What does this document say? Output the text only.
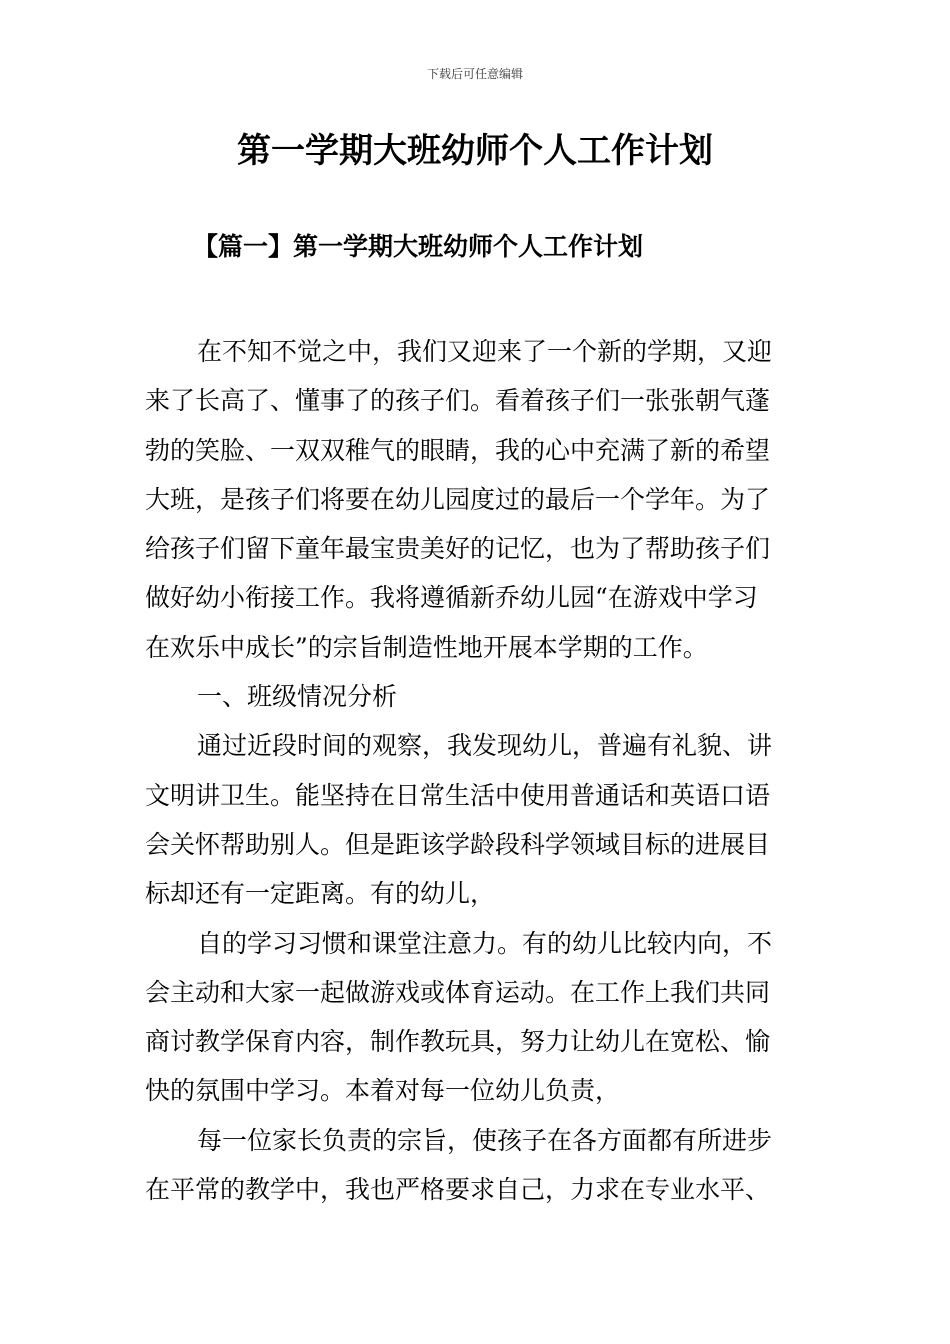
下载后可任意编辑
第一学期大班幼师个人工作计划
【篇一】第一学期大班幼师个人工作计划
在不知不觉之中，我们又迎来了一个新的学期，又迎
来了长高了、懂事了的孩子们。看着孩子们一张张朝气蓬
勃的笑脸、一双双稚气的眼睛，我的心中充满了新的希望
大班，是孩子们将要在幼儿园度过的最后一个学年。为了
给孩子们留下童年最宝贵美好的记忆，也为了帮助孩子们
做好幼小衔接工作。我将遵循新乔幼儿园“在游戏中学习
在欢乐中成长”的宗旨制造性地开展本学期的工作。
一、班级情况分析
通过近段时间的观察，我发现幼儿，普遍有礼貌、讲
文明讲卫生。能坚持在日常生活中使用普通话和英语口语
会关怀帮助别人。但是距该学龄段科学领域目标的进展目
标却还有一定距离。有的幼儿，
自的学习习惯和课堂注意力。有的幼儿比较内向，不
会主动和大家一起做游戏或体育运动。在工作上我们共同
商讨教学保育内容，制作教玩具，努力让幼儿在宽松、愉
快的氛围中学习。本着对每一位幼儿负责，
每一位家长负责的宗旨，使孩子在各方面都有所进步
在平常的教学中，我也严格要求自己，力求在专业水平、
